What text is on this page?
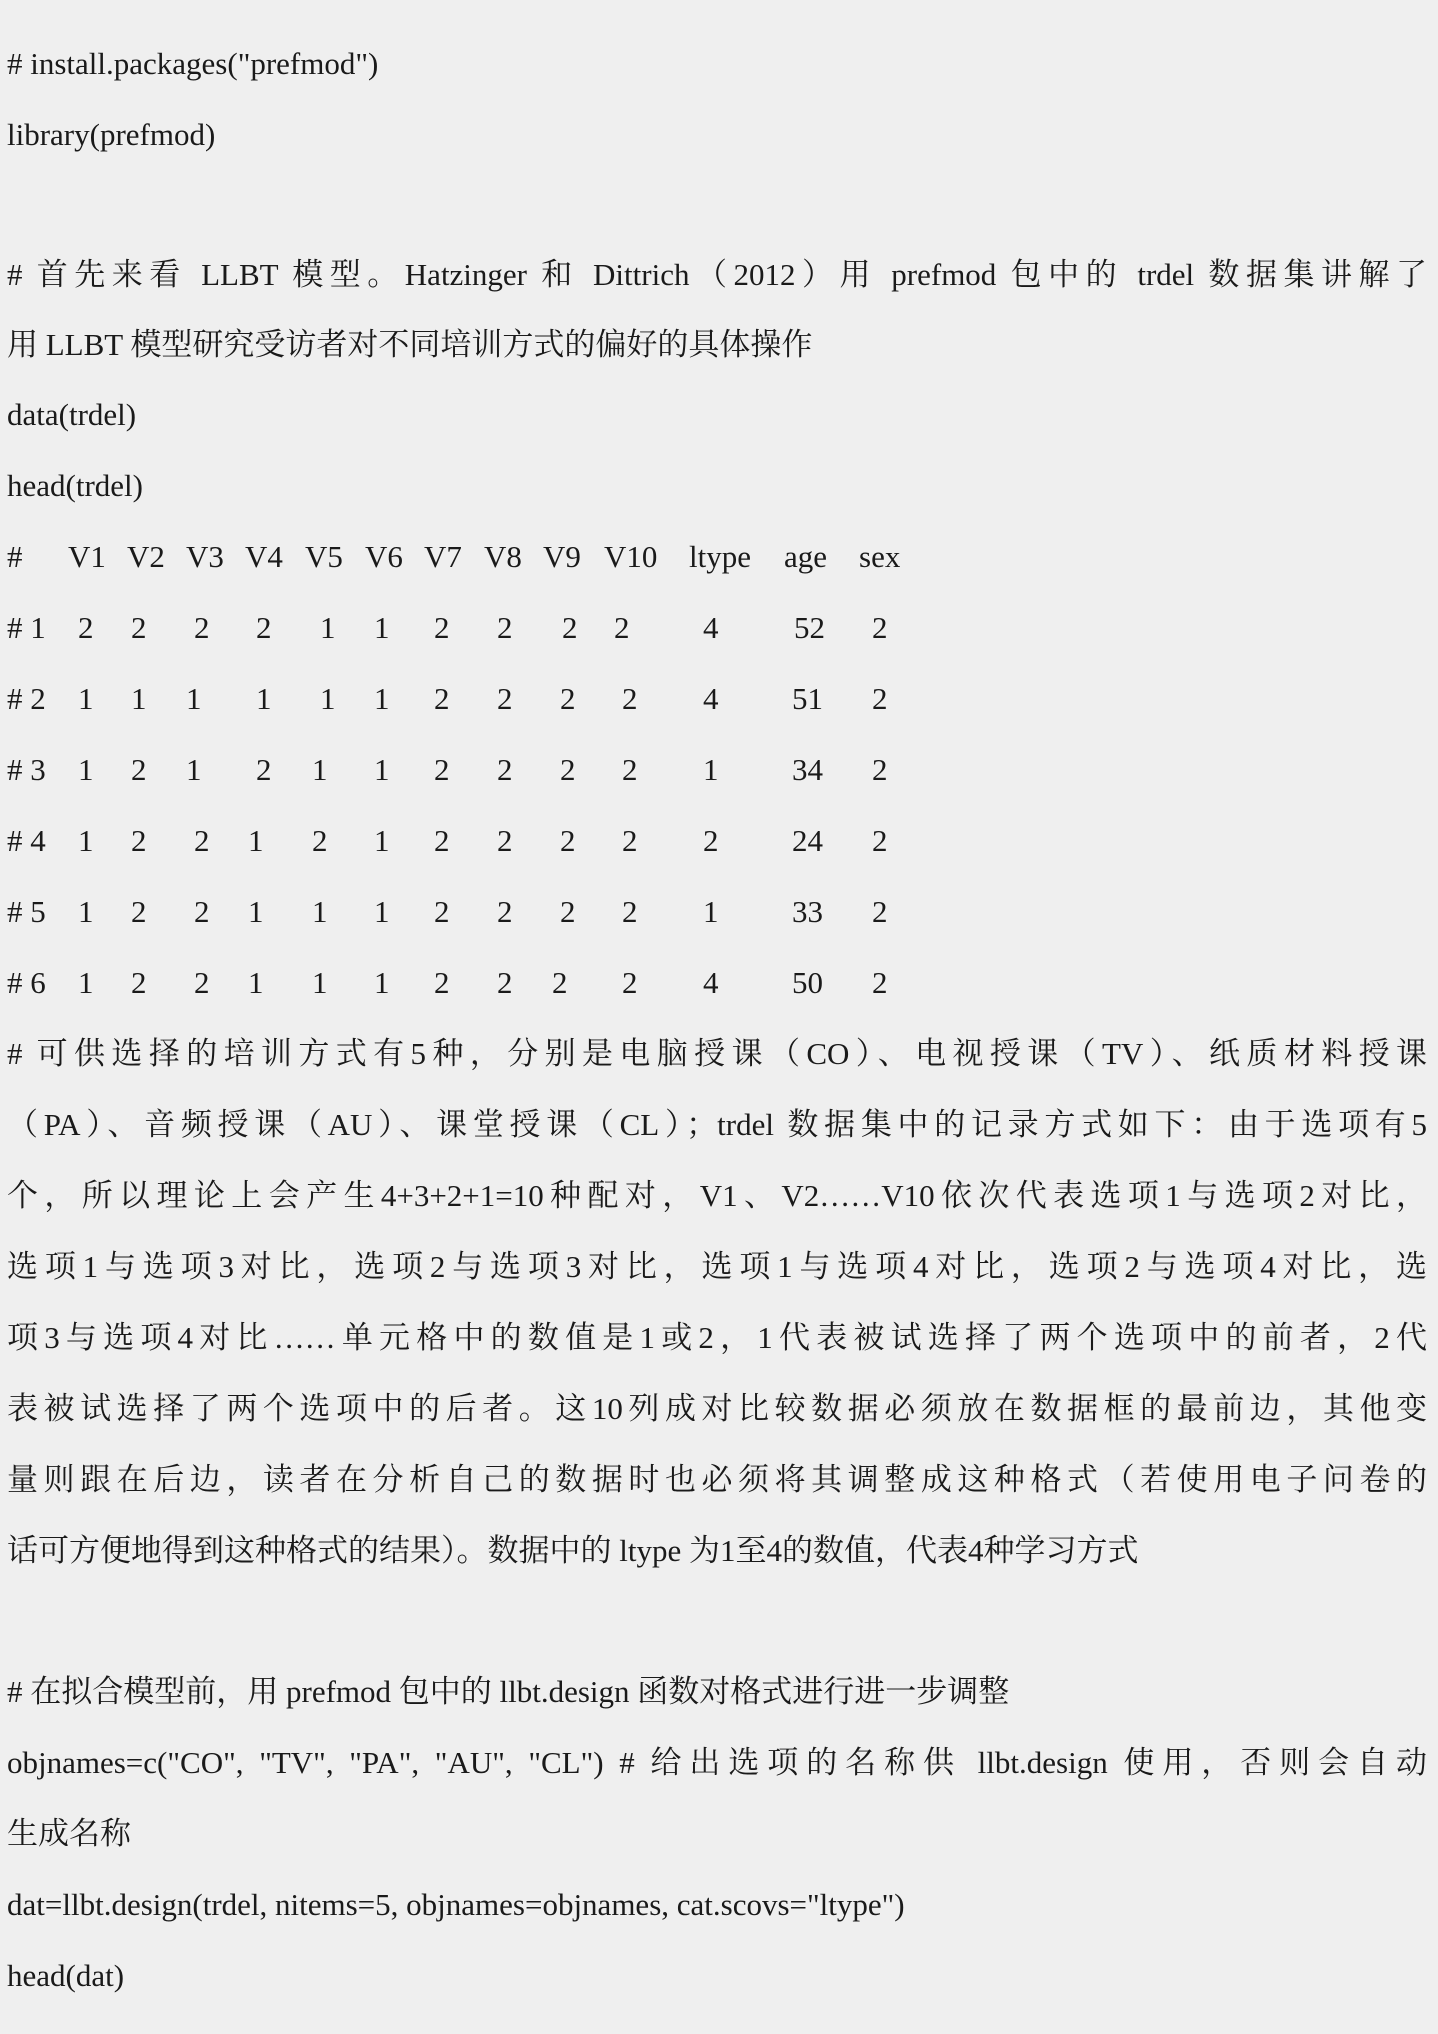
# install.packages("prefmod")
library(prefmod)
# 首先来看 LLBT 模型。Hatzinger 和 Dittrich（2012）用 prefmod 包中的 trdel 数据集讲解了
用 LLBT 模型研究受访者对不同培训方式的偏好的具体操作
data(trdel)
head(trdel)
# V1 V2 V3 V4 V5 V6 V7 V8 V9 V10 ltype age sex
# 1 2 2 2 2 1 1 2 2 2 2 4 52 2
# 2 1 1 1 1 1 1 2 2 2 2 4 51 2
# 3 1 2 1 2 1 1 2 2 2 2 1 34 2
# 4 1 2 2 1 2 1 2 2 2 2 2 24 2
# 5 1 2 2 1 1 1 2 2 2 2 1 33 2
# 6 1 2 2 1 1 1 2 2 2 2 4 50 2
# 可供选择的培训方式有5种，分别是电脑授课（CO）、电视授课（TV）、纸质材料授课
（PA）、音频授课（AU）、课堂授课（CL）；trdel 数据集中的记录方式如下：由于选项有5
个，所以理论上会产生4+3+2+1=10种配对，V1、V2……V10依次代表选项1与选项2对比，
选项1与选项3对比，选项2与选项3对比，选项1与选项4对比，选项2与选项4对比，选
项3与选项4对比……单元格中的数值是1或2，1代表被试选择了两个选项中的前者，2代
表被试选择了两个选项中的后者。这10列成对比较数据必须放在数据框的最前边，其他变
量则跟在后边，读者在分析自己的数据时也必须将其调整成这种格式（若使用电子问卷的
话可方便地得到这种格式的结果）。数据中的 ltype 为1至4的数值，代表4种学习方式
# 在拟合模型前，用 prefmod 包中的 llbt.design 函数对格式进行进一步调整
objnames=c("CO", "TV", "PA", "AU", "CL") # 给出选项的名称供 llbt.design 使用，否则会自动
生成名称
dat=llbt.design(trdel, nitems=5, objnames=objnames, cat.scovs="ltype")
head(dat)
